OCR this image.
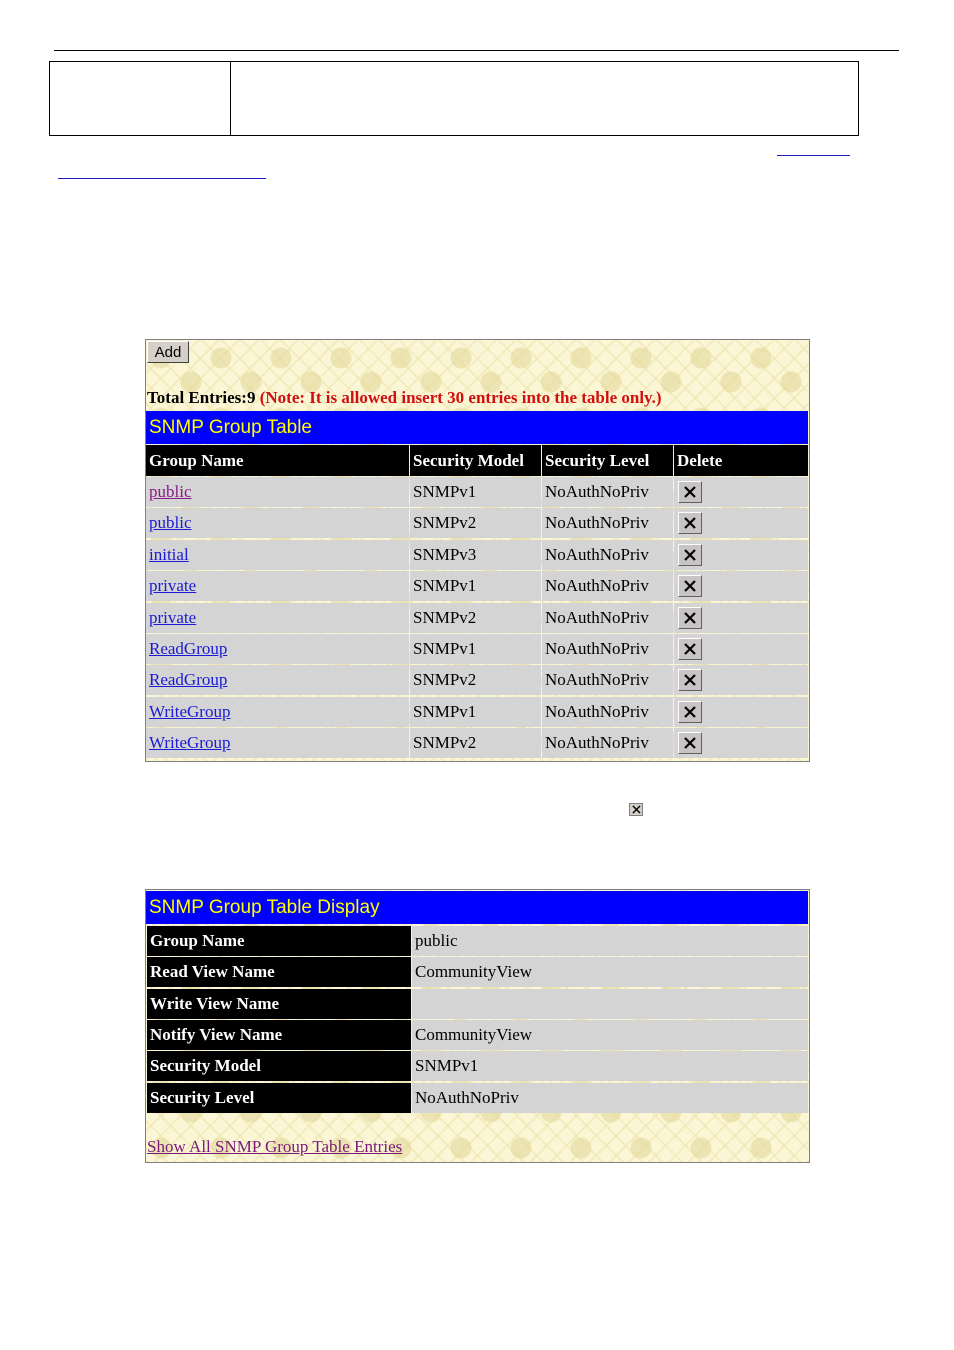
Add
Total Entries:9 (Note: It is allowed insert 30 entries into the table only.)
SNMP Group Table
Group Name	Security Model	Security Level	Delete
public	SNMPv1	NoAuthNoPriv
public	SNMPv2	NoAuthNoPriv
initial	SNMPv3	NoAuthNoPriv
private	SNMPv1	NoAuthNoPriv
private	SNMPv2	NoAuthNoPriv
ReadGroup	SNMPv1	NoAuthNoPriv
ReadGroup	SNMPv2	NoAuthNoPriv
WriteGroup	SNMPv1	NoAuthNoPriv
WriteGroup	SNMPv2	NoAuthNoPriv
SNMP Group Table Display
Group Name	public
Read View Name	CommunityView
Write View Name
Notify View Name	CommunityView
Security Model	SNMPv1
Security Level	NoAuthNoPriv
Show All SNMP Group Table Entries
